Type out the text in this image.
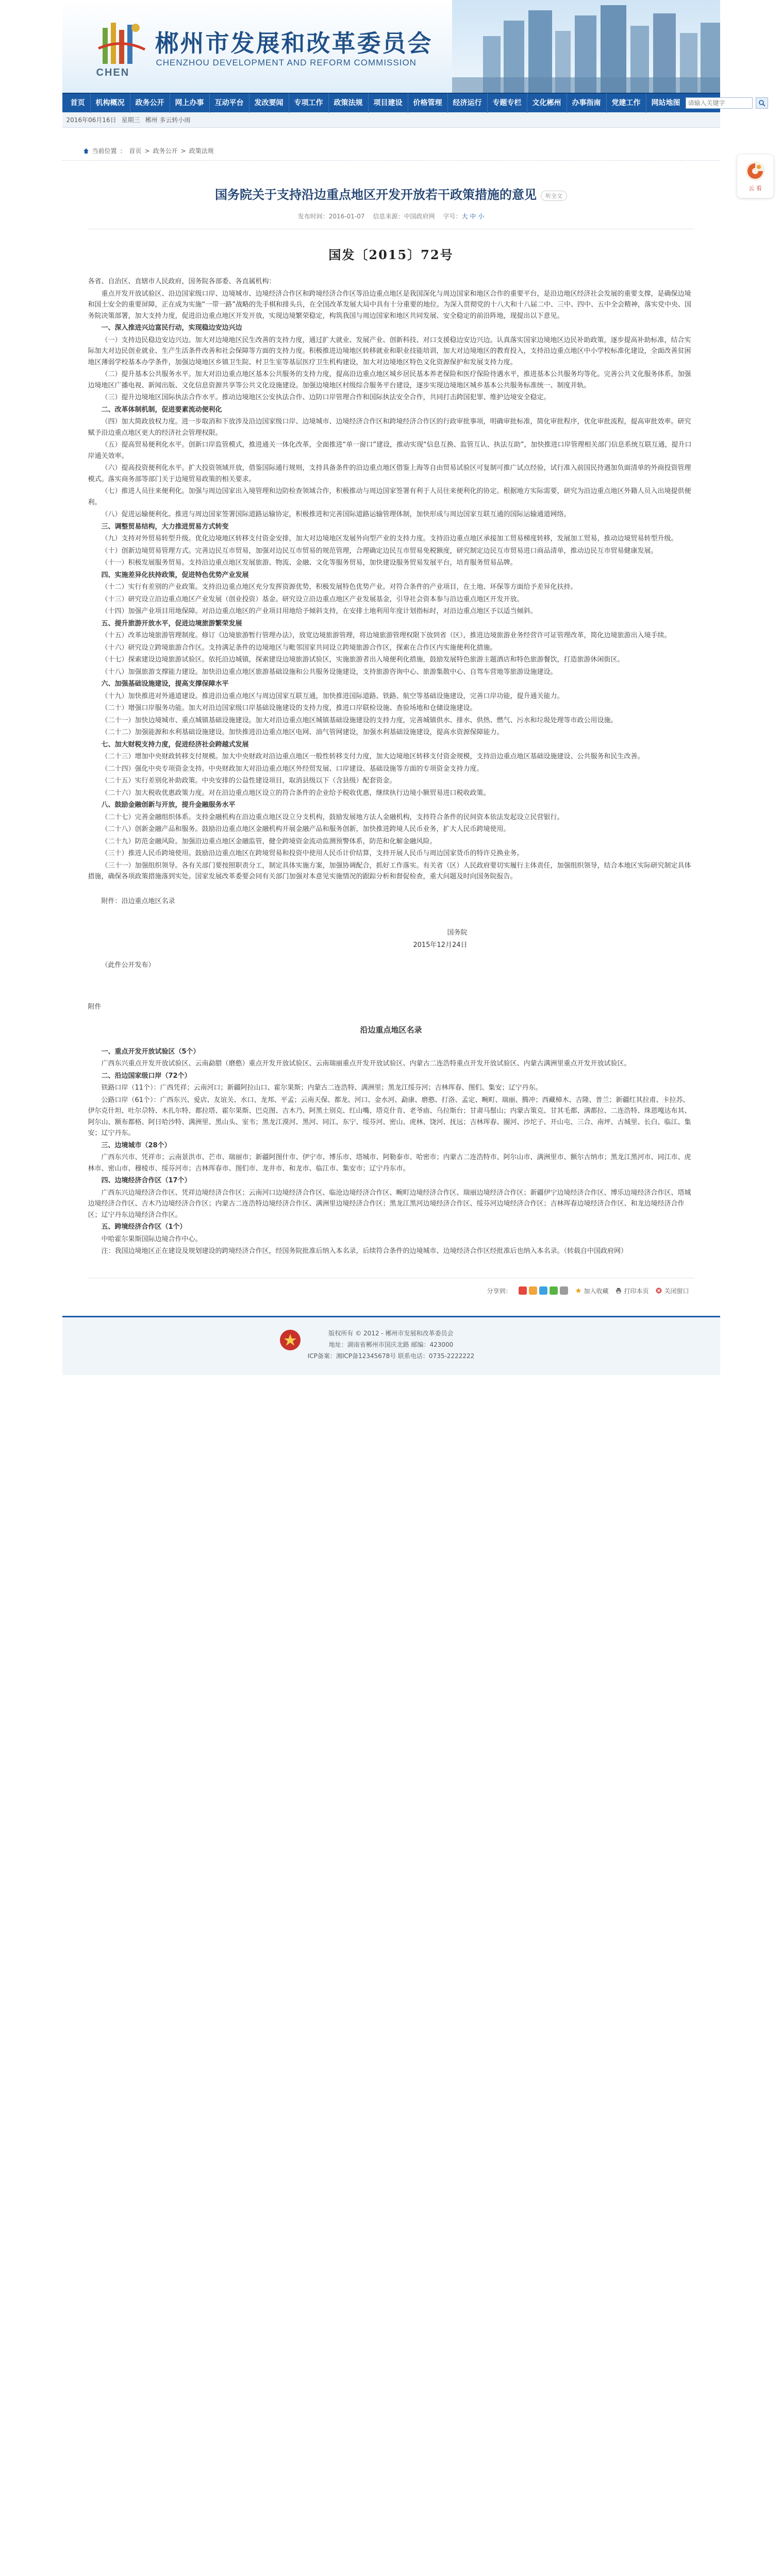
CHEN
郴州市发展和改革委员会
CHENZHOU DEVELOPMENT AND REFORM COMMISSION
首页	机构概况	政务公开	网上办事	互动平台	发改要闻	专项工作	政策法规	项目建设	价格管理	经济运行	专题专栏	文化郴州	办事指南	党建工作	网站地图
请输入关键字
2016年06月16日 星期三 郴州 多云转小雨
当前位置 ： 首页 > 政务公开 > 政策法规
国务院关于支持沿边重点地区开发开放若干政策措施的意见 听全文
发布时间：2016-01-07 信息来源：中国政府网 字号：大 中 小
国发〔2015〕72号

各省、自治区、直辖市人民政府，国务院各部委、各直属机构：

重点开发开放试验区、沿边国家级口岸、边境城市、边境经济合作区和跨境经济合作区等沿边重点地区是我国深化与周边国家和地区合作的重要平台，是沿边地区经济社会发展的重要支撑，是确保边境和国土安全的重要屏障，正在成为实施“一带一路”战略的先手棋和排头兵，在全国改革发展大局中具有十分重要的地位。为深入贯彻党的十八大和十八届二中、三中、四中、五中全会精神，落实党中央、国务院决策部署，加大支持力度，促进沿边重点地区开发开放，实现边境繁荣稳定，构筑我国与周边国家和地区共同发展、安全稳定的前沿阵地，现提出以下意见。

一、深入推进兴边富民行动，实现稳边安边兴边

（一）支持边民稳边安边兴边。加大对边境地区民生改善的支持力度，通过扩大就业、发展产业、创新科技、对口支援稳边安边兴边。认真落实国家边境地区边民补助政策，逐步提高补助标准，结合实际加大对边民创业就业、生产生活条件改善和社会保障等方面的支持力度。积极推进边境地区转移就业和职业技能培训，加大对边境地区的教育投入，支持沿边重点地区中小学校标准化建设，全面改善贫困地区薄弱学校基本办学条件，加强边境地区乡镇卫生院、村卫生室等基层医疗卫生机构建设，加大对边境地区特色文化资源保护和发展支持力度。

（二）提升基本公共服务水平。加大对沿边重点地区基本公共服务的支持力度，提高沿边重点地区城乡居民基本养老保险和医疗保险待遇水平，推进基本公共服务均等化。完善公共文化服务体系，加强边境地区广播电视、新闻出版、文化信息资源共享等公共文化设施建设。加强边境地区村级综合服务平台建设，逐步实现边境地区城乡基本公共服务标准统一、制度并轨。

（三）提升边境地区国际执法合作水平。推动边境地区公安执法合作、边防口岸管理合作和国际执法安全合作，共同打击跨国犯罪、维护边境安全稳定。

二、改革体制机制，促进要素流动便利化

（四）加大简政放权力度。进一步取消和下放涉及沿边国家级口岸、边境城市、边境经济合作区和跨境经济合作区的行政审批事项，明确审批标准，简化审批程序，优化审批流程，提高审批效率。研究赋予沿边重点地区更大的经济社会管理权限。

（五）提高贸易便利化水平。创新口岸监管模式，推进通关一体化改革，全面推进“单一窗口”建设，推动实现“信息互换、监管互认、执法互助”，加快推进口岸管理相关部门信息系统互联互通，提升口岸通关效率。

（六）提高投资便利化水平。扩大投资领域开放，借鉴国际通行规则，支持具备条件的沿边重点地区借鉴上海等自由贸易试验区可复制可推广试点经验，试行准入前国民待遇加负面清单的外商投资管理模式。落实商务部等部门关于边境贸易政策的相关要求。

（七）推进人员往来便利化。加强与周边国家出入境管理和边防检查领域合作，积极推动与周边国家签署有利于人员往来便利化的协定。根据地方实际需要，研究为沿边重点地区外籍人员入出境提供便利。

（八）促进运输便利化。推进与周边国家签署国际道路运输协定，积极推进和完善国际道路运输管理体制，加快形成与周边国家互联互通的国际运输通道网络。

三、调整贸易结构，大力推进贸易方式转变

（九）支持对外贸易转型升级。优化边境地区转移支付资金安排，加大对边境地区发展外向型产业的支持力度。支持沿边重点地区承接加工贸易梯度转移，发展加工贸易，推动边境贸易转型升级。

（十）创新边境贸易管理方式。完善边民互市贸易，加强对边民互市贸易的规范管理，合理确定边民互市贸易免税额度，研究制定边民互市贸易进口商品清单，推动边民互市贸易健康发展。

（十一）积极发展服务贸易。支持沿边重点地区发展旅游、物流、金融、文化等服务贸易，加快建设服务贸易发展平台，培育服务贸易品牌。

四、实施差异化扶持政策，促进特色优势产业发展

（十二）实行有差别的产业政策。支持沿边重点地区充分发挥资源优势，积极发展特色优势产业。对符合条件的产业项目，在土地、环保等方面给予差异化扶持。

（十三）研究设立沿边重点地区产业发展（创业投资）基金。研究设立沿边重点地区产业发展基金，引导社会资本参与沿边重点地区开发开放。

（十四）加强产业项目用地保障。对沿边重点地区的产业项目用地给予倾斜支持，在安排土地利用年度计划指标时，对沿边重点地区予以适当倾斜。

五、提升旅游开放水平，促进边境旅游繁荣发展

（十五）改革边境旅游管理制度。修订《边境旅游暂行管理办法》，放宽边境旅游管理，将边境旅游管理权限下放到省（区），推进边境旅游业务经营许可证管理改革，简化边境旅游出入境手续。

（十六）研究设立跨境旅游合作区。支持满足条件的边境地区与毗邻国家共同设立跨境旅游合作区，探索在合作区内实施便利化措施。

（十七）探索建设边境旅游试验区。依托沿边城镇，探索建设边境旅游试验区，实施旅游者出入境便利化措施，鼓励发展特色旅游主题酒店和特色旅游餐饮，打造旅游休闲街区。

（十八）加强旅游支撑能力建设。加快沿边重点地区旅游基础设施和公共服务设施建设，支持旅游咨询中心、旅游集散中心、自驾车营地等旅游设施建设。

六、加强基础设施建设，提高支撑保障水平

（十九）加快推进对外通道建设。推进沿边重点地区与周边国家互联互通，加快推进国际道路、铁路、航空等基础设施建设，完善口岸功能，提升通关能力。

（二十）增强口岸服务功能。加大对沿边国家级口岸基础设施建设的支持力度，推进口岸联检设施、查验场地和仓储设施建设。

（二十一）加快边境城市、重点城镇基础设施建设。加大对沿边重点地区城镇基础设施建设的支持力度，完善城镇供水、排水、供热、燃气、污水和垃圾处理等市政公用设施。

（二十二）加强能源和水利基础设施建设。加快推进沿边重点地区电网、油气管网建设，加强水利基础设施建设，提高水资源保障能力。

七、加大财税支持力度，促进经济社会跨越式发展

（二十三）增加中央财政转移支付规模。加大中央财政对沿边重点地区一般性转移支付力度，加大边境地区转移支付资金规模，支持沿边重点地区基础设施建设、公共服务和民生改善。

（二十四）强化中央专项资金支持。中央财政加大对沿边重点地区外经贸发展、口岸建设、基础设施等方面的专项资金支持力度。

（二十五）实行差别化补助政策。中央安排的公益性建设项目，取消县级以下（含县级）配套资金。

（二十六）加大税收优惠政策力度。对在沿边重点地区设立的符合条件的企业给予税收优惠，继续执行边境小额贸易进口税收政策。

八、鼓励金融创新与开放，提升金融服务水平

（二十七）完善金融组织体系。支持金融机构在沿边重点地区设立分支机构，鼓励发展地方法人金融机构，支持符合条件的民间资本依法发起设立民营银行。

（二十八）创新金融产品和服务。鼓励沿边重点地区金融机构开展金融产品和服务创新，加快推进跨境人民币业务，扩大人民币跨境使用。

（二十九）防范金融风险。加强沿边重点地区金融监管，健全跨境资金流动监测预警体系，防范和化解金融风险。

（三十）推进人民币跨境使用。鼓励沿边重点地区在跨境贸易和投资中使用人民币计价结算，支持开展人民币与周边国家货币的特许兑换业务。

（三十一）加强组织领导。各有关部门要按照职责分工，制定具体实施方案，加强协调配合，抓好工作落实。有关省（区）人民政府要切实履行主体责任，加强组织领导，结合本地区实际研究制定具体措施，确保各项政策措施落到实处。国家发展改革委要会同有关部门加强对本意见实施情况的跟踪分析和督促检查，重大问题及时向国务院报告。

附件：沿边重点地区名录

国务院

2015年12月24日

（此件公开发布）

附件
沿边重点地区名录

一、重点开发开放试验区（5个）

广西东兴重点开发开放试验区、云南勐腊（磨憨）重点开发开放试验区、云南瑞丽重点开发开放试验区、内蒙古二连浩特重点开发开放试验区、内蒙古满洲里重点开发开放试验区。

二、沿边国家级口岸（72个）

铁路口岸（11个）：广西凭祥；云南河口；新疆阿拉山口、霍尔果斯；内蒙古二连浩特、满洲里；黑龙江绥芬河；吉林珲春、图们、集安；辽宁丹东。

公路口岸（61个）：广西东兴、爱店、友谊关、水口、龙邦、平孟；云南天保、都龙、河口、金水河、勐康、磨憨、打洛、孟定、畹町、瑞丽、腾冲；西藏樟木、吉隆、普兰；新疆红其拉甫、卡拉苏、伊尔克什坦、吐尔尕特、木扎尔特、都拉塔、霍尔果斯、巴克图、吉木乃、阿黑土别克、红山嘴、塔克什肯、老爷庙、乌拉斯台；甘肃马鬃山；内蒙古策克、甘其毛都、满都拉、二连浩特、珠恩嘎达布其、阿尔山、额布都格、阿日哈沙特、满洲里、黑山头、室韦；黑龙江漠河、黑河、同江、东宁、绥芬河、密山、虎林、饶河、抚远；吉林珲春、圈河、沙坨子、开山屯、三合、南坪、古城里、长白、临江、集安；辽宁丹东。

三、边境城市（28个）

广西东兴市、凭祥市；云南景洪市、芒市、瑞丽市；新疆阿图什市、伊宁市、博乐市、塔城市、阿勒泰市、哈密市；内蒙古二连浩特市、阿尔山市、满洲里市、额尔古纳市；黑龙江黑河市、同江市、虎林市、密山市、穆棱市、绥芬河市；吉林珲春市、图们市、龙井市、和龙市、临江市、集安市；辽宁丹东市。

四、边境经济合作区（17个）

广西东兴边境经济合作区、凭祥边境经济合作区；云南河口边境经济合作区、临沧边境经济合作区、畹町边境经济合作区、瑞丽边境经济合作区；新疆伊宁边境经济合作区、博乐边境经济合作区、塔城边境经济合作区、吉木乃边境经济合作区；内蒙古二连浩特边境经济合作区、满洲里边境经济合作区；黑龙江黑河边境经济合作区、绥芬河边境经济合作区；吉林珲春边境经济合作区、和龙边境经济合作区；辽宁丹东边境经济合作区。

五、跨境经济合作区（1个）

中哈霍尔果斯国际边境合作中心。

注：我国边境地区正在建设及规划建设的跨境经济合作区，经国务院批准后纳入本名录，后续符合条件的边境城市、边境经济合作区经批准后也纳入本名录。（转载自中国政府网）

分享到：	加入收藏	打印本页	关闭窗口
版权所有 © 2012 - 郴州市发展和改革委员会
地址：湖南省郴州市国庆北路 邮编：423000
ICP备案：湘ICP备12345678号 联系电话：0735-2222222
云 看
